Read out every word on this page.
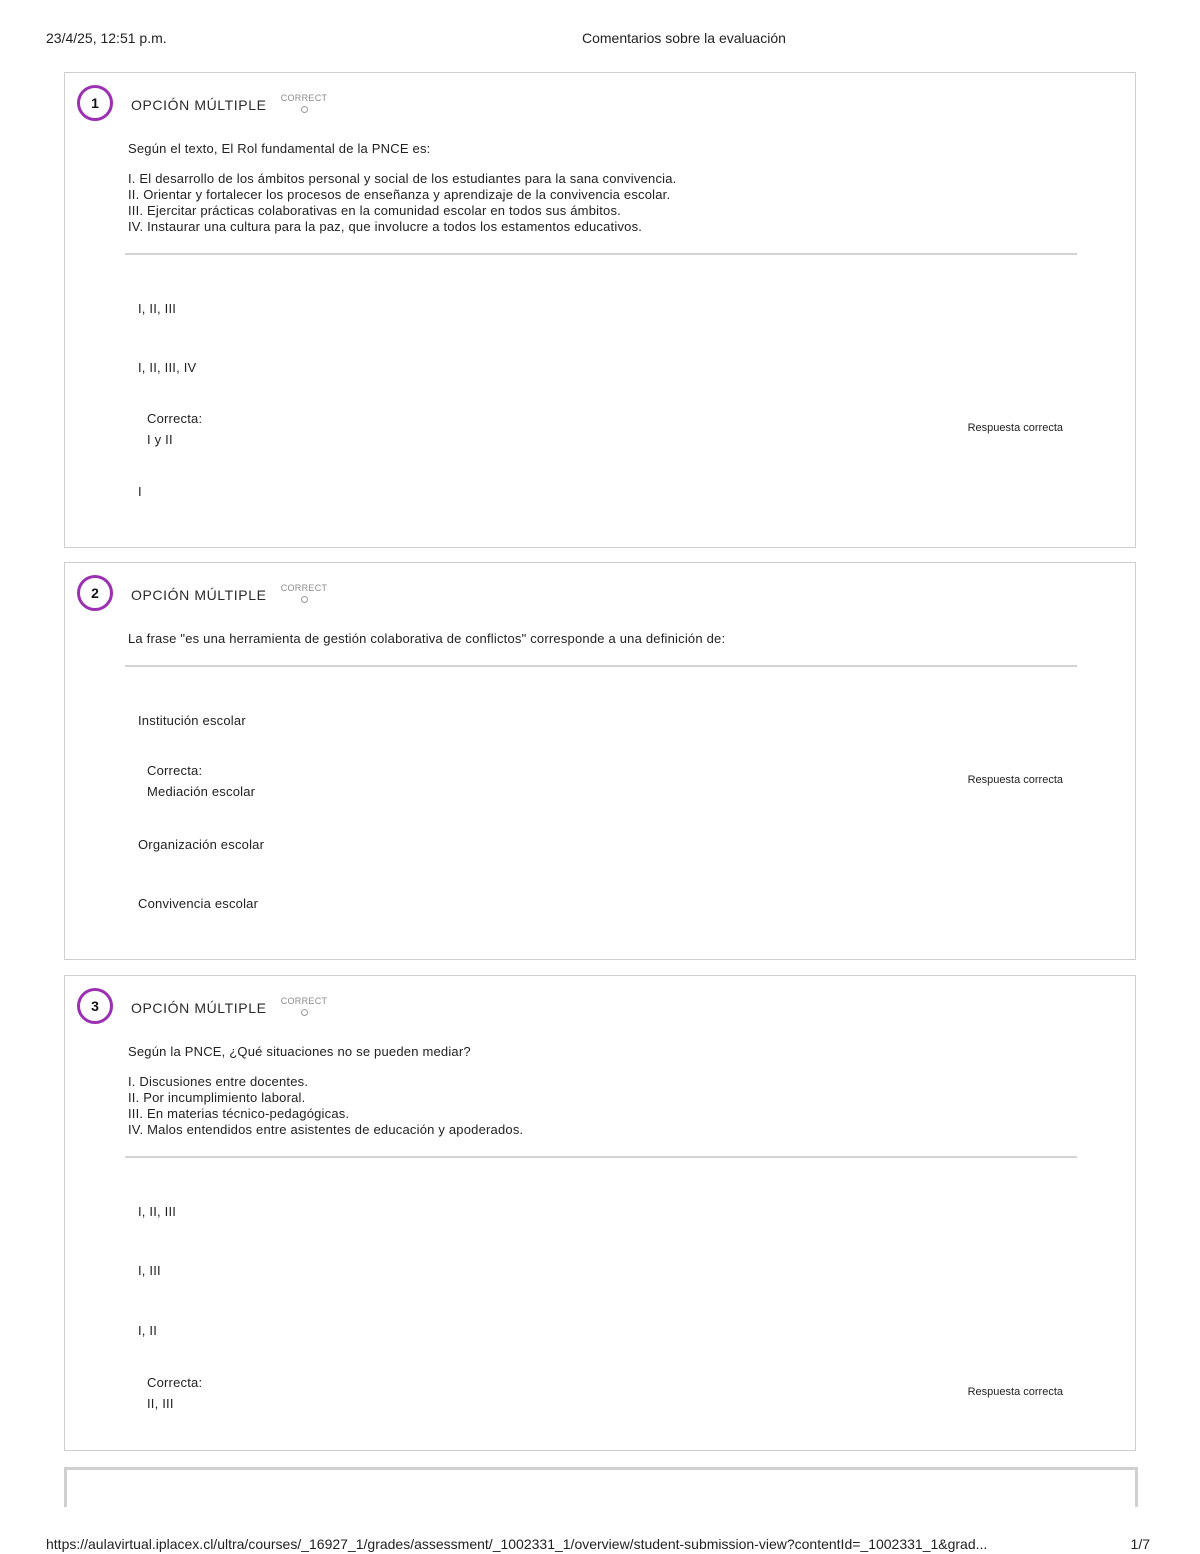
23/4/25, 12:51 p.m.	Comentarios sobre la evaluación
1	OPCIÓN MÚLTIPLE CORRECT
Según el texto, El Rol fundamental de la PNCE es:
I. El desarrollo de los ámbitos personal y social de los estudiantes para la sana convivencia.
II. Orientar y fortalecer los procesos de enseñanza y aprendizaje de la convivencia escolar.
III. Ejercitar prácticas colaborativas en la comunidad escolar en todos sus ámbitos.
IV. Instaurar una cultura para la paz, que involucre a todos los estamentos educativos.
I, II, III
I, II, III, IV
Correcta:
I y II
Respuesta correcta
I
2	OPCIÓN MÚLTIPLE CORRECT
La frase "es una herramienta de gestión colaborativa de conflictos" corresponde a una definición de:
Institución escolar
Correcta:
Mediación escolar
Respuesta correcta
Organización escolar
Convivencia escolar
3	OPCIÓN MÚLTIPLE CORRECT
Según la PNCE, ¿Qué situaciones no se pueden mediar?
I. Discusiones entre docentes.
II. Por incumplimiento laboral.
III. En materias técnico-pedagógicas.
IV. Malos entendidos entre asistentes de educación y apoderados.
I, II, III
I, III
I, II
Correcta:
II, III
Respuesta correcta
https://aulavirtual.iplacex.cl/ultra/courses/_16927_1/grades/assessment/_1002331_1/overview/student-submission-view?contentId=_1002331_1&grad...	1/7
